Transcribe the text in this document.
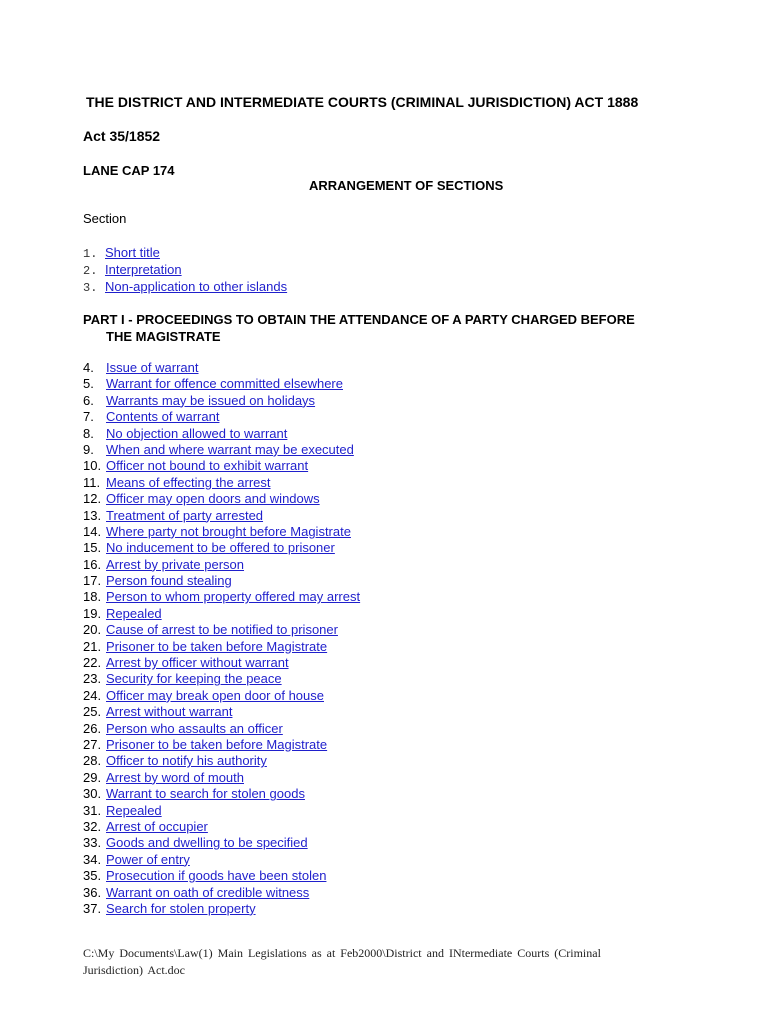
THE DISTRICT AND INTERMEDIATE COURTS (CRIMINAL JURISDICTION) ACT 1888
Act 35/1852
LANE CAP 174
ARRANGEMENT OF SECTIONS
Section
1. Short title
2. Interpretation
3. Non-application to other islands
PART I - PROCEEDINGS TO OBTAIN THE ATTENDANCE OF A PARTY CHARGED BEFORE
THE MAGISTRATE
4. Issue of warrant
5. Warrant for offence committed elsewhere
6. Warrants may be issued on holidays
7. Contents of warrant
8. No objection allowed to warrant
9. When and where warrant may be executed
10. Officer not bound to exhibit warrant
11. Means of effecting the arrest
12. Officer may open doors and windows
13. Treatment of party arrested
14. Where party not brought before Magistrate
15. No inducement to be offered to prisoner
16. Arrest by private person
17. Person found stealing
18. Person to whom property offered may arrest
19. Repealed
20. Cause of arrest to be notified to prisoner
21. Prisoner to be taken before Magistrate
22. Arrest by officer without warrant
23. Security for keeping the peace
24. Officer may break open door of house
25. Arrest without warrant
26. Person who assaults an officer
27. Prisoner to be taken before Magistrate
28. Officer to notify his authority
29. Arrest by word of mouth
30. Warrant to search for stolen goods
31. Repealed
32. Arrest of occupier
33. Goods and dwelling to be specified
34. Power of entry
35. Prosecution if goods have been stolen
36. Warrant on oath of credible witness
37. Search for stolen property
C:\My Documents\Law(1) Main Legislations as at Feb2000\District and INtermediate Courts (Criminal Jurisdiction) Act.doc
